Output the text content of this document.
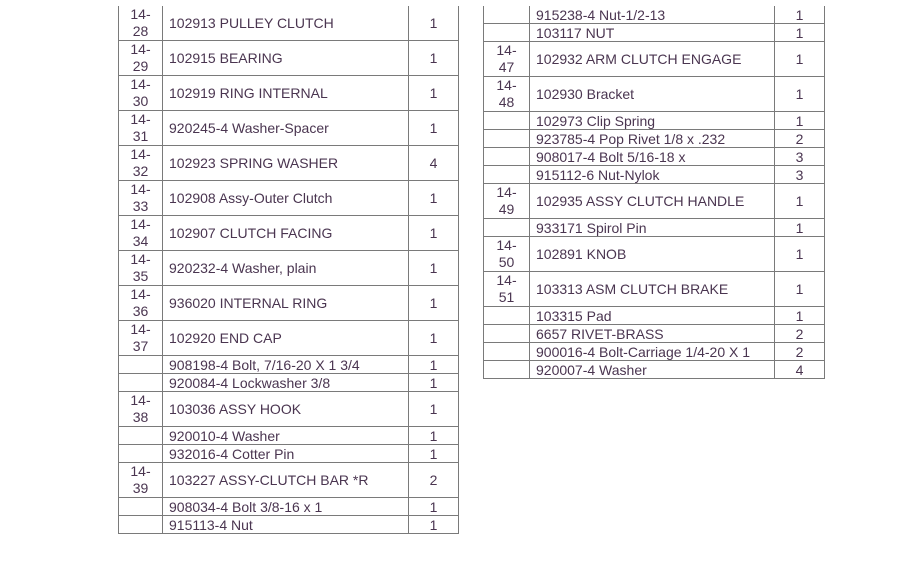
14-
28	102913 PULLEY CLUTCH	1
14-
29	102915 BEARING	1
14-
30	102919 RING INTERNAL	1
14-
31	920245-4 Washer-Spacer	1
14-
32	102923 SPRING WASHER	4
14-
33	102908 Assy-Outer Clutch	1
14-
34	102907 CLUTCH FACING	1
14-
35	920232-4 Washer, plain	1
14-
36	936020 INTERNAL RING	1
14-
37	102920 END CAP	1
	908198-4 Bolt, 7/16-20 X 1 3/4	1
	920084-4 Lockwasher 3/8	1
14-
38	103036 ASSY HOOK	1
	920010-4 Washer	1
	932016-4 Cotter Pin	1
14-
39	103227 ASSY-CLUTCH BAR *R	2
	908034-4 Bolt 3/8-16 x 1	1
	915113-4 Nut	1
	915238-4 Nut-1/2-13	1
	103117 NUT	1
14-
47	102932 ARM CLUTCH ENGAGE	1
14-
48	102930 Bracket	1
	102973 Clip Spring	1
	923785-4 Pop Rivet 1/8 x .232	2
	908017-4 Bolt 5/16-18 x	3
	915112-6 Nut-Nylok	3
14-
49	102935 ASSY CLUTCH HANDLE	1
	933171 Spirol Pin	1
14-
50	102891 KNOB	1
14-
51	103313 ASM CLUTCH BRAKE	1
	103315 Pad	1
	6657 RIVET-BRASS	2
	900016-4 Bolt-Carriage 1/4-20 X 1	2
	920007-4 Washer	4
